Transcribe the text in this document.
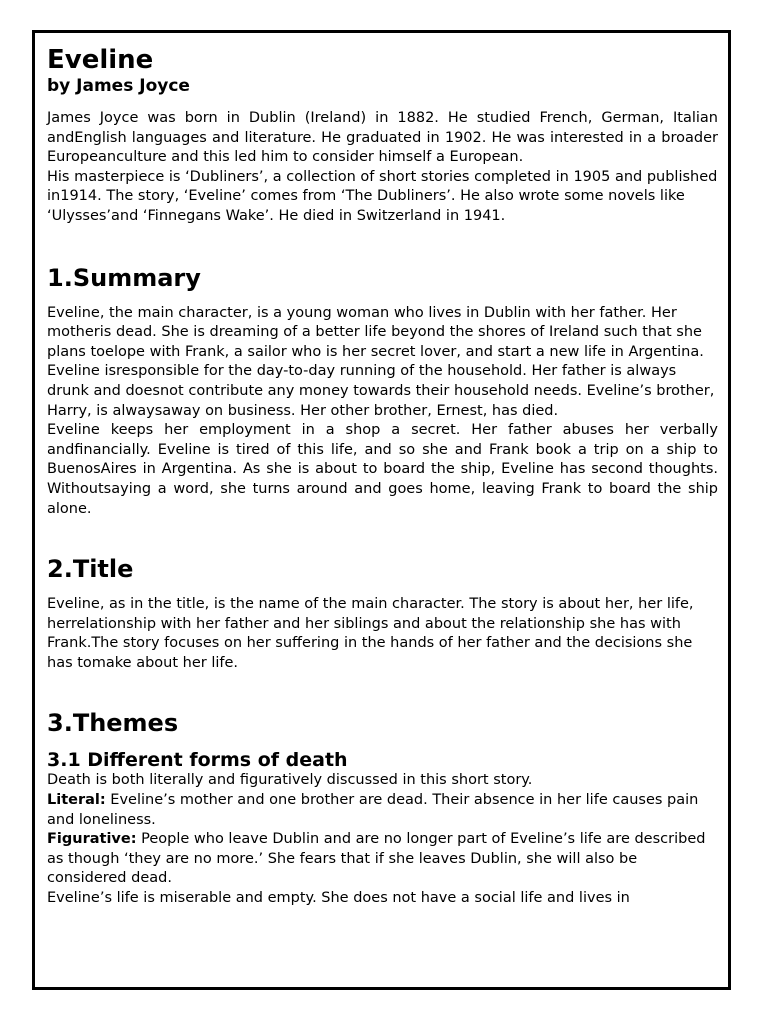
Eveline
by James Joyce

James Joyce was born in Dublin (Ireland) in 1882. He studied French, German, Italian andEnglish languages and literature. He graduated in 1902. He was interested in a broader Europeanculture and this led him to consider himself a European.

His masterpiece is ‘Dubliners’, a collection of short stories completed in 1905 and published in1914. The story, ‘Eveline’ comes from ‘The Dubliners’. He also wrote some novels like ‘Ulysses’and ‘Finnegans Wake’. He died in Switzerland in 1941.

1.Summary

Eveline, the main character, is a young woman who lives in Dublin with her father. Her motheris dead. She is dreaming of a better life beyond the shores of Ireland such that she plans toelope with Frank, a sailor who is her secret lover, and start a new life in Argentina. Eveline isresponsible for the day-to-day running of the household. Her father is always drunk and doesnot contribute any money towards their household needs. Eveline’s brother, Harry, is alwaysaway on business. Her other brother, Ernest, has died.

Eveline keeps her employment in a shop a secret. Her father abuses her verbally andfinancially. Eveline is tired of this life, and so she and Frank book a trip on a ship to BuenosAires in Argentina. As she is about to board the ship, Eveline has second thoughts. Withoutsaying a word, she turns around and goes home, leaving Frank to board the ship alone.

2.Title

Eveline, as in the title, is the name of the main character. The story is about her, her life, herrelationship with her father and her siblings and about the relationship she has with Frank.The story focuses on her suffering in the hands of her father and the decisions she has tomake about her life.

3.Themes
3.1 Different forms of death

Death is both literally and figuratively discussed in this short story.

Literal: Eveline’s mother and one brother are dead. Their absence in her life causes pain and loneliness.

Figurative: People who leave Dublin and are no longer part of Eveline’s life are described as though ‘they are no more.’ She fears that if she leaves Dublin, she will also be considered dead.

Eveline’s life is miserable and empty. She does not have a social life and lives in
